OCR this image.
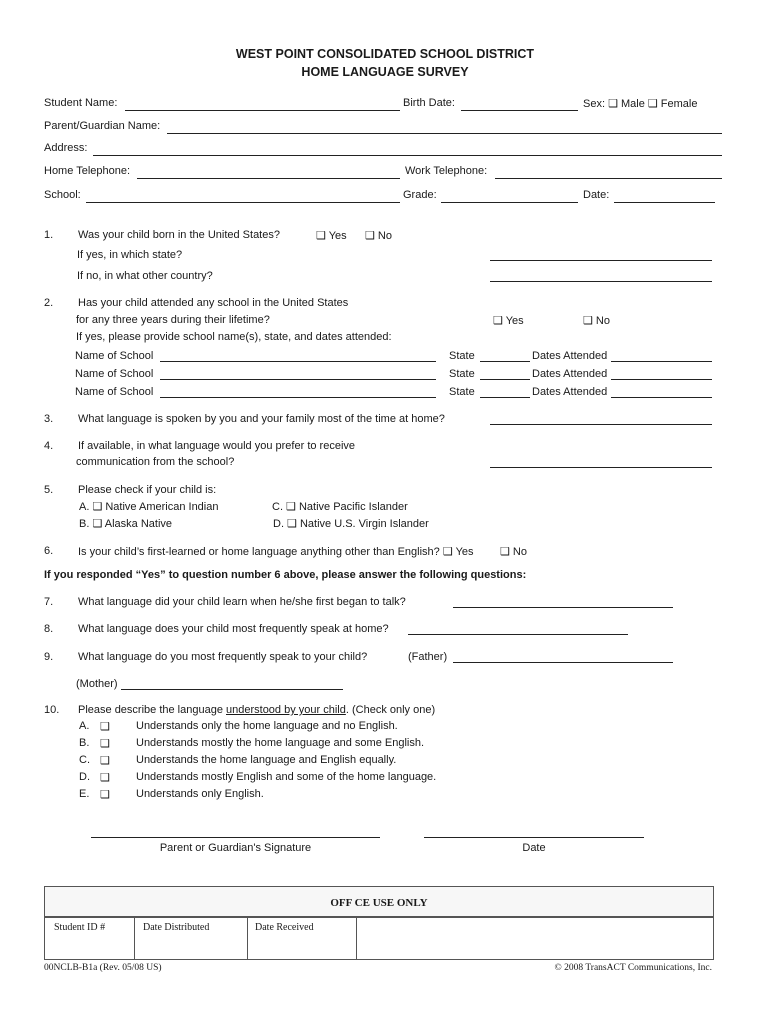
WEST POINT CONSOLIDATED SCHOOL DISTRICT
HOME LANGUAGE SURVEY
Student Name:	Birth Date:	Sex: ❑ Male ❑ Female
Parent/Guardian Name:
Address:
Home Telephone:	Work Telephone:
School:	Grade:	Date:
1. Was your child born in the United States?	❑ Yes ❑ No
If yes, in which state?
If no, in what other country?
2. Has your child attended any school in the United States
for any three years during their lifetime?	❑ Yes	❑ No
If yes, please provide school name(s), state, and dates attended:
Name of School	State	Dates Attended
Name of School	State	Dates Attended
Name of School	State	Dates Attended
3. What language is spoken by you and your family most of the time at home?
4. If available, in what language would you prefer to receive
communication from the school?
5. Please check if your child is:
A. ❑ Native American Indian
B. ❑ Alaska Native
C. ❑ Native Pacific Islander
D. ❑ Native U.S. Virgin Islander
6. Is your child’s first-learned or home language anything other than English? ❑ Yes ❑ No
If you responded “Yes” to question number 6 above, please answer the following questions:
7. What language did your child learn when he/she first began to talk?
8. What language does your child most frequently speak at home?
9. What language do you most frequently speak to your child?	(Father)
(Mother)
10. Please describe the language understood by your child. (Check only one)
A. ❑ Understands only the home language and no English.
B. ❑ Understands mostly the home language and some English.
C. ❑ Understands the home language and English equally.
D. ❑ Understands mostly English and some of the home language.
E. ❑ Understands only English.
Parent or Guardian's Signature	Date
OFF CE USE ONLY
Student ID #	Date Distributed	Date Received
00NCLB-B1a (Rev. 05/08 US)	© 2008 TransACT Communications, Inc.
